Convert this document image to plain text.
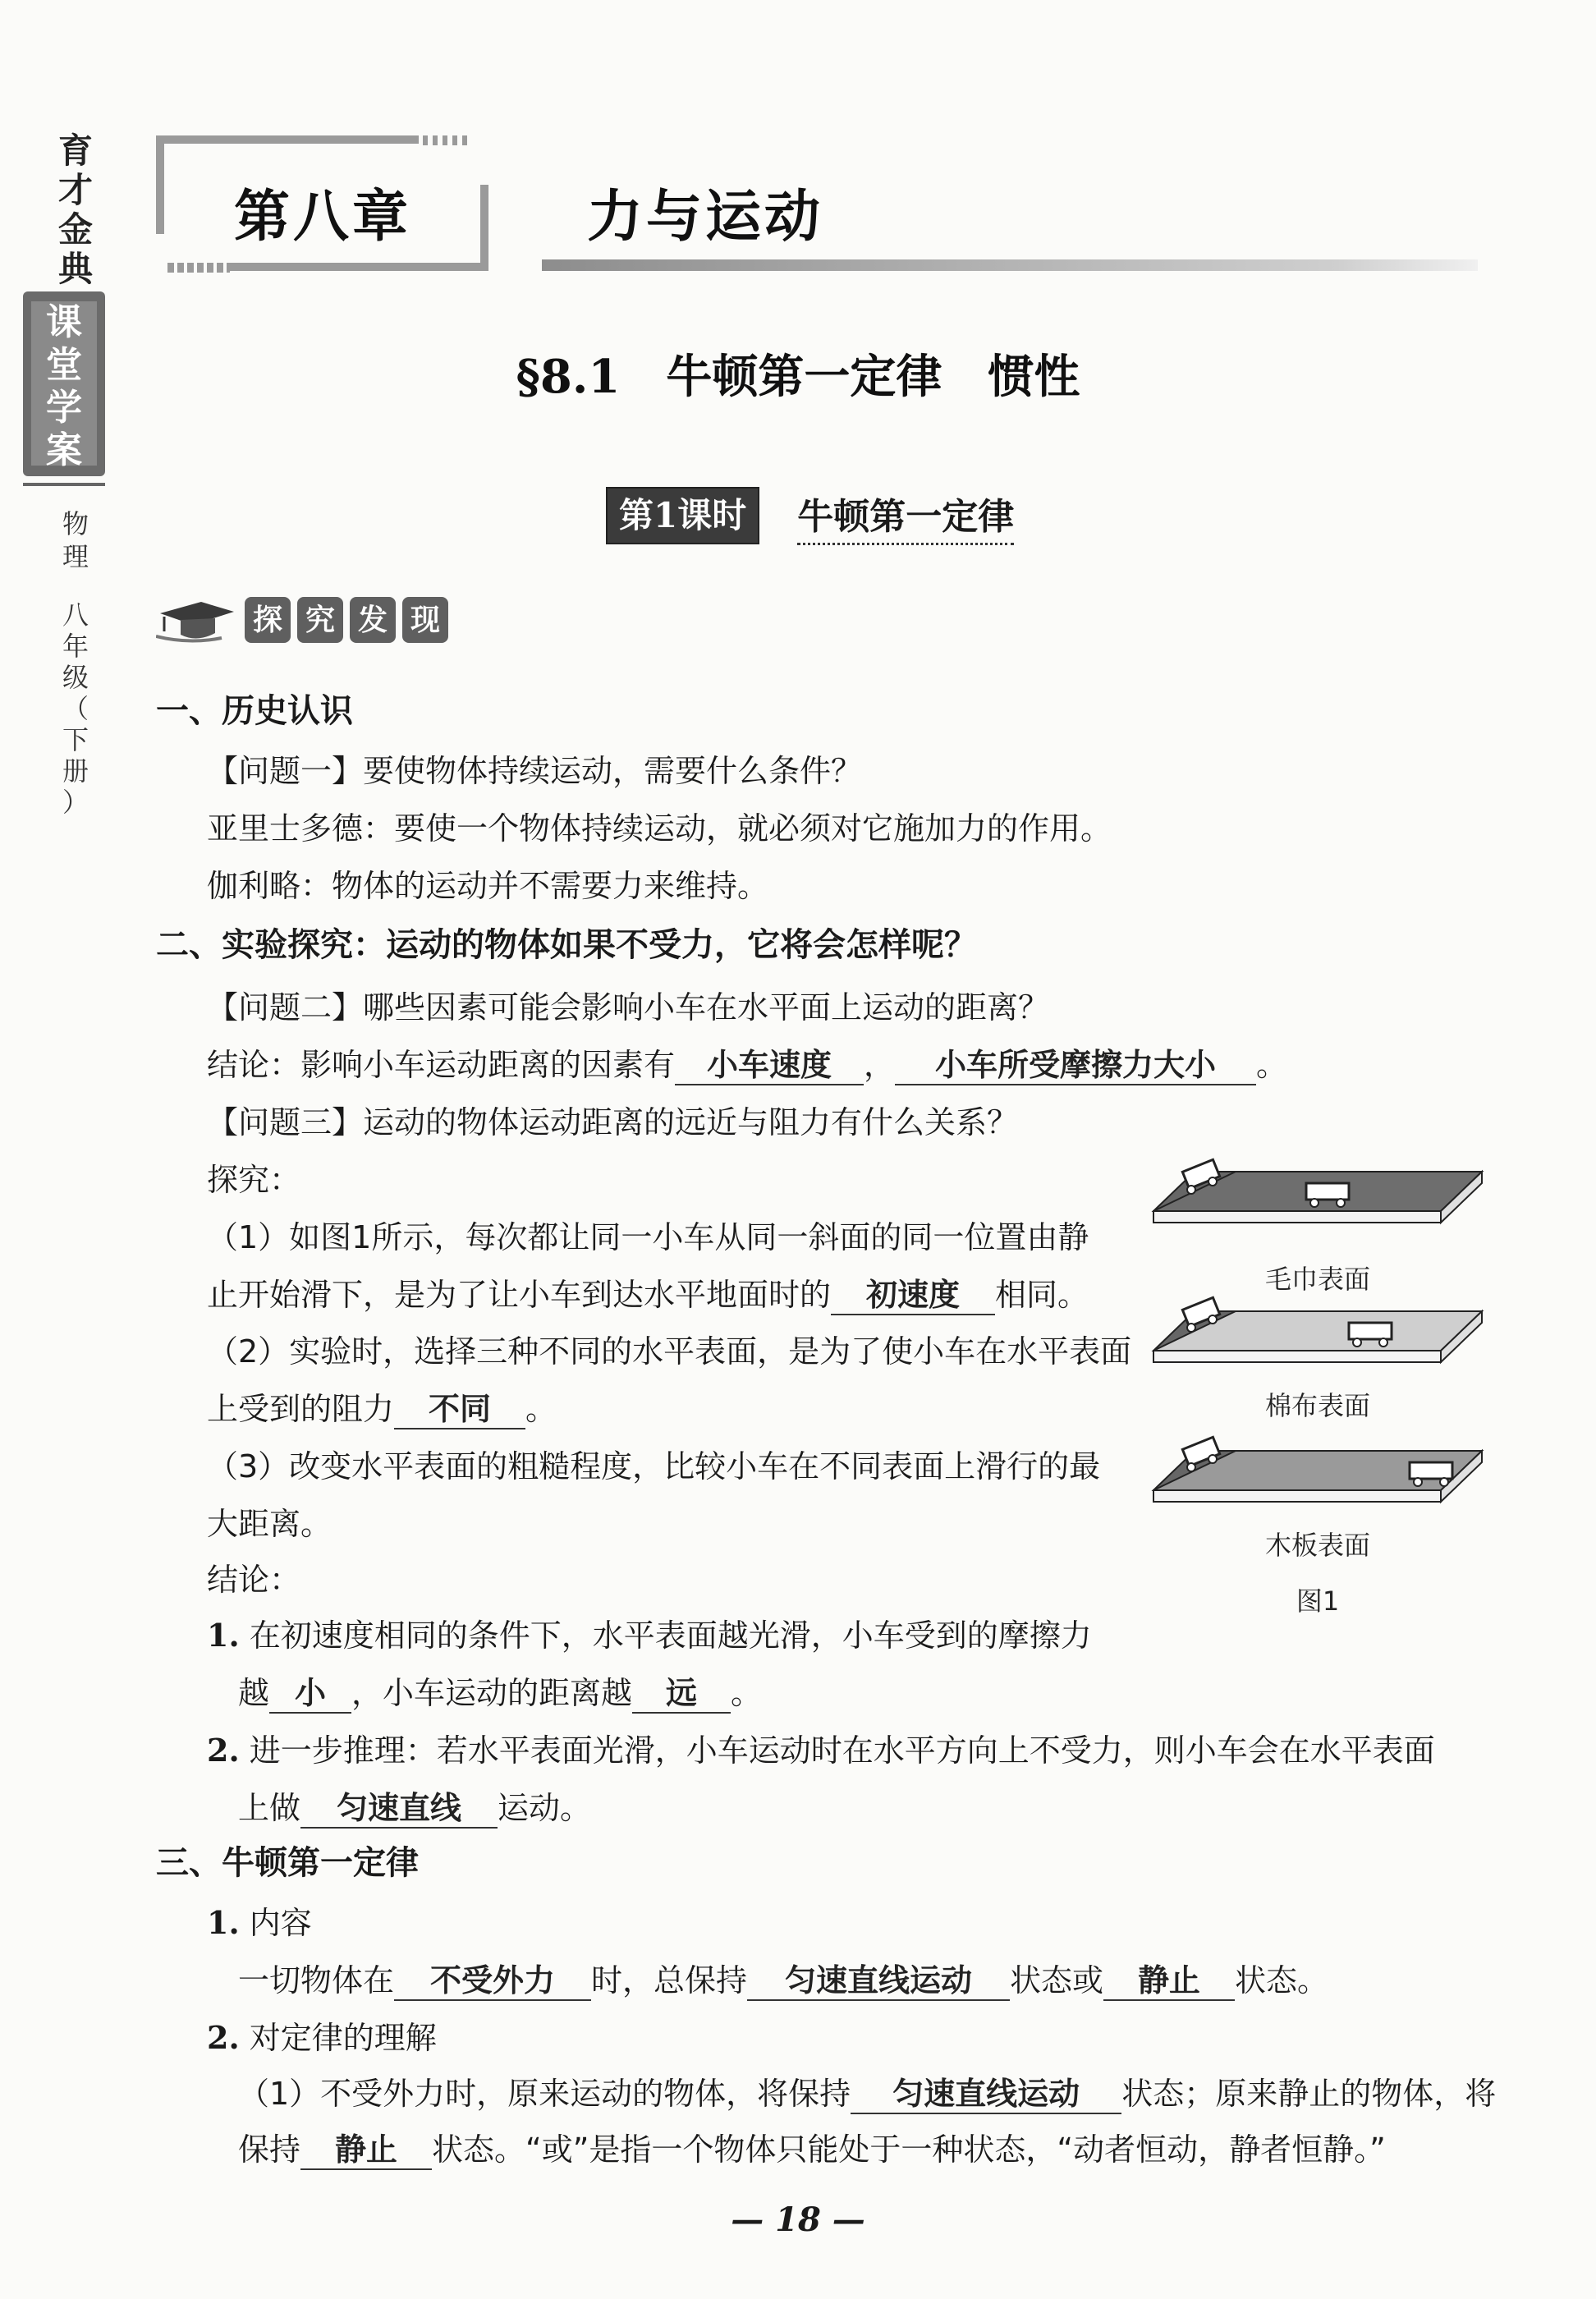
育
才
金
典
课
堂
学
案
物
理
八
年
级
（
下
册
）
第八章	力与运动
§8.1　牛顿第一定律　惯性
第1课时	牛顿第一定律
探 究 发 现
一、历史认识
【问题一】要使物体持续运动，需要什么条件？
亚里士多德：要使一个物体持续运动，就必须对它施加力的作用。
伽利略：物体的运动并不需要力来维持。
二、实验探究：运动的物体如果不受力，它将会怎样呢？
【问题二】哪些因素可能会影响小车在水平面上运动的距离？
结论：影响小车运动距离的因素有 小车速度 ， 小车所受摩擦力大小 。
【问题三】运动的物体运动距离的远近与阻力有什么关系？
探究：
（1）如图1所示，每次都让同一小车从同一斜面的同一位置由静
止开始滑下，是为了让小车到达水平地面时的 初速度 相同。
（2）实验时，选择三种不同的水平表面，是为了使小车在水平表面
上受到的阻力 不同 。
（3）改变水平表面的粗糙程度，比较小车在不同表面上滑行的最
大距离。
结论：
1. 在初速度相同的条件下，水平表面越光滑，小车受到的摩擦力
越 小 ，小车运动的距离越 远 。
2. 进一步推理：若水平表面光滑，小车运动时在水平方向上不受力，则小车会在水平表面
上做 匀速直线 运动。
毛巾表面
棉布表面
木板表面
图1
三、牛顿第一定律
1. 内容
一切物体在 不受外力 时，总保持 匀速直线运动 状态或 静止 状态。
2. 对定律的理解
（1）不受外力时，原来运动的物体，将保持 匀速直线运动 状态；原来静止的物体，将
保持 静止 状态。“或”是指一个物体只能处于一种状态，“动者恒动，静者恒静。”
— 18 —
